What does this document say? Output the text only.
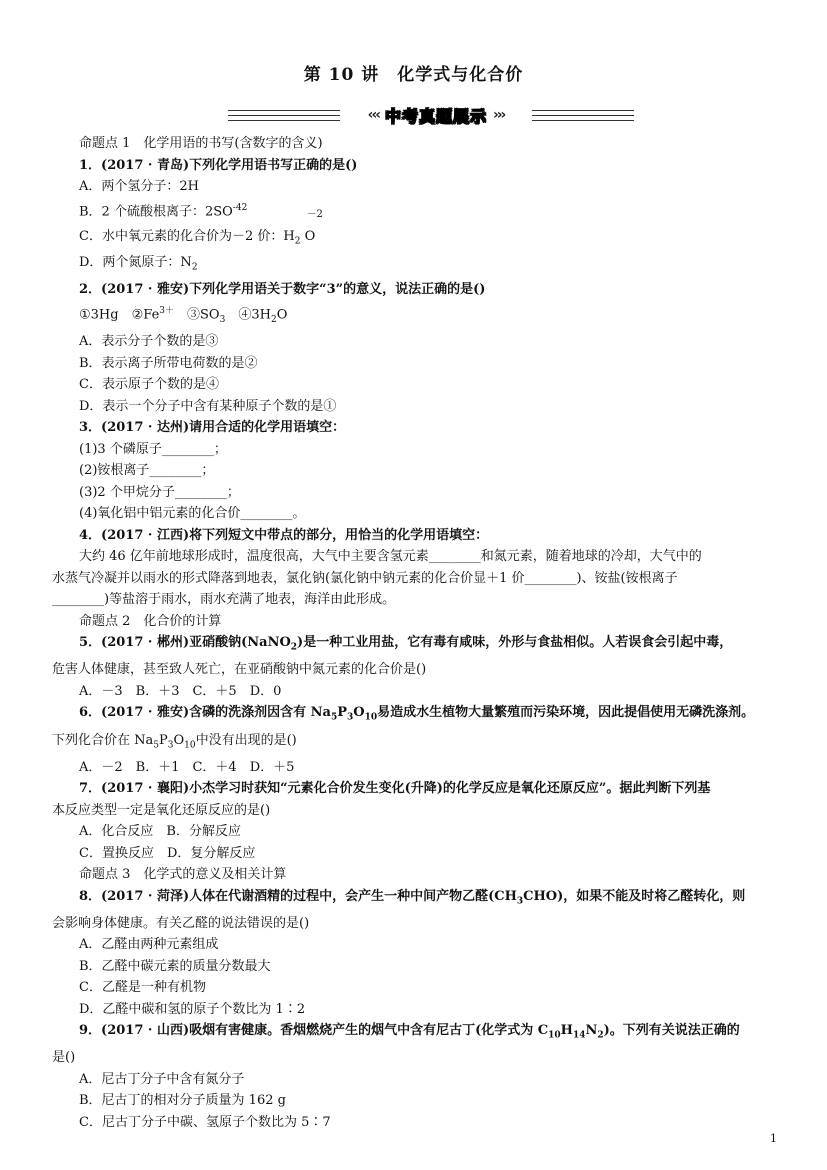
第 10 讲　化学式与化合价
‹‹‹ 中考真题展示 ›››

命题点 1　化学用语的书写(含数字的含义)

1．(2017 · 青岛)下列化学用语书写正确的是()

A．两个氢分子：2H

B．2 个硫酸根离子：$2SO^{-42}$

C．水中氧元素的化合价为－2 价：$H_2$
－2
O

D．两个氮原子：$N_2$

2．(2017 · 雅安)下列化学用语关于数字“3”的意义，说法正确的是()

①3Hg　 $②Fe^{3+}$　 $③SO_3$　 $④3H_2O$

A．表示分子个数的是③

B．表示离子所带电荷数的是②

C．表示原子个数的是④

D．表示一个分子中含有某种原子个数的是①

3．(2017 · 达州)请用合适的化学用语填空：

(1)3 个磷原子________；

(2)铵根离子________；

(3)2 个甲烷分子________；

(4)氧化铝中铝元素的化合价________。

4．(2017 · 江西)将下列短文中带点的部分，用恰当的化学用语填空：

大约 46 亿年前地球形成时，温度很高，大气中主要含氢元素________和氮元素，随着地球的冷却，大气中的

水蒸气冷凝并以雨水的形式降落到地表，氯化钠(氯化钠中钠元素的化合价显＋1 价________)、铵盐(铵根离子

________)等盐溶于雨水，雨水充满了地表，海洋由此形成。

命题点 2　化合价的计算

5．(2017 · 郴州)亚硝酸钠(NaNO$_2$)是一种工业用盐，它有毒有咸味，外形与食盐相似。人若误食会引起中毒，

危害人体健康，甚至致人死亡，在亚硝酸钠中氮元素的化合价是()

A．－3　B．＋3　C．＋5　D．0

6．(2017 · 雅安)含磷的洗涤剂因含有 $Na_5P_3O_{10}$易造成水生植物大量繁殖而污染环境，因此提倡使用无磷洗涤剂。

下列化合价在 $Na_5P_3O_{10}$中没有出现的是()

A．－2　B．＋1　C．＋4　D．＋5

7．(2017 · 襄阳)小杰学习时获知“元素化合价发生变化(升降)的化学反应是氧化还原反应”。据此判断下列基

本反应类型一定是氧化还原反应的是()

A．化合反应　B．分解反应

C．置换反应　D．复分解反应

命题点 3　化学式的意义及相关计算

8．(2017 · 菏泽)人体在代谢酒精的过程中，会产生一种中间产物乙醛$(CH_3CHO)$，如果不能及时将乙醛转化，则

会影响身体健康。有关乙醛的说法错误的是()

A．乙醛由两种元素组成

B．乙醛中碳元素的质量分数最大

C．乙醛是一种有机物

D．乙醛中碳和氢的原子个数比为 1∶2

9．(2017 · 山西)吸烟有害健康。香烟燃烧产生的烟气中含有尼古丁(化学式为 $C_{10}H_{14}N_2$)。下列有关说法正确的

是()

A．尼古丁分子中含有氮分子

B．尼古丁的相对分子质量为 162 g

C．尼古丁分子中碳、氢原子个数比为 5∶7

1
